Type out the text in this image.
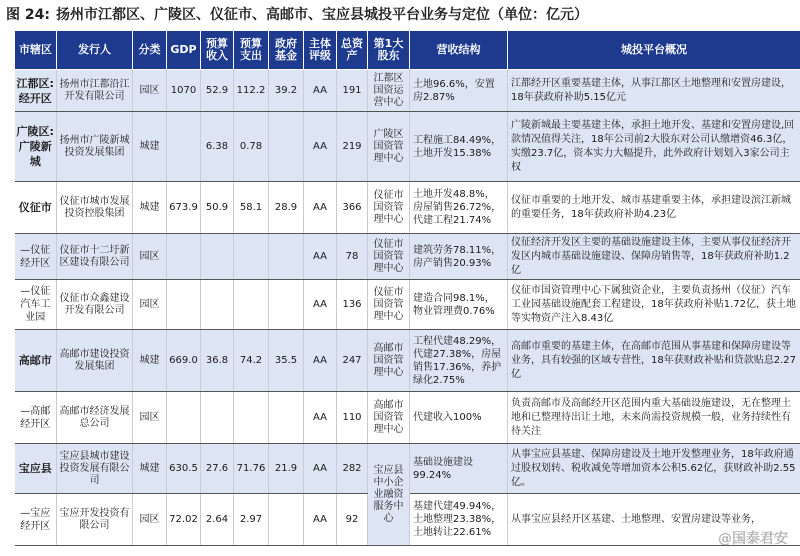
图 24: 扬州市江都区、广陵区、仪征市、高邮市、宝应县城投平台业务与定位（单位：亿元）
市辖区	发行人	分类	GDP	预算收入	预算支出	政府基金	主体评级	总资产	第1大股东	营收结构	城投平台概况
江都区:经开区	扬州市江都沿江开发有限公司	园区	1070	52.9	112.2	39.2	AA	191	江都区国资运营中心	土地96.6%，安置房2.87%	江都经开区重要基建主体，从事江都区土地整理和安置房建设，18年获政府补助5.15亿元
广陵区:广陵新城	扬州市广陵新城投资发展集团	城建		6.38	0.78		AA	219	广陵区国资管理中心	工程施工84.49%，土地开发15.38%	广陵新城最主要基建主体，承担土地开发、基建和安置房建设,回款情况值得关注，18年公司前2大股东对公司认缴增资46.3亿，实缴23.7亿，资本实力大幅提升，此外政府计划划入3家公司主权
仪征市	仪征市城市发展投资控股集团	城建	673.9	50.9	58.1	28.9	AA	366	仪征市国资管理中心	土地开发48.8%，房屋销售26.72%，代建工程21.74%	仪征市重要的土地开发、城市基建重要主体，承担建设滨江新城的重要任务，18年获政府补助4.23亿
—仪征经开区	仪征市十二圩新区建设有限公司	园区					AA	78	仪征市国资管理中心	建筑劳务78.11%，房产销售20.93%	仪征经济开发区主要的基础设施建设主体，主要从事仪征经济开发区内城市基础设施建设、保障房销售等，18年获政府补助1.2亿
—仪征汽车工业园	仪征市众鑫建设开发有限公司	园区					AA	136	仪征市国资管理中心	建造合同98.1%，物业管理费0.76%	仪征市国资管理中心下属独资企业，主要负责扬州（仪征）汽车工业园基础设施配套工程建设，18年获政府补贴1.72亿，获土地等实物资产注入8.43亿
高邮市	高邮市建设投资发展集团	城建	669.0	36.8	74.2	35.5	AA	247	高邮市国资管理中心	工程代建48.29%，代建27.38%，房屋销售17.36%，养护绿化2.75%	高邮市重要的基建主体，在高邮市范围从事基建和保障房建设等业务，具有较强的区域专营性，18年获财政补贴和贷款贴息2.27亿
—高邮经开区	高邮市经济发展总公司	园区					AA	110	高邮市国资管理中心	代建收入100%	负责高邮市及高邮经开区范围内重大基础设施建设，无在整理土地和已整理待出让土地，未来尚需投资规模一般，业务持续性有待关注
宝应县	宝应县城市建设投资发展有限公司	城建	630.5	27.6	71.76	21.9	AA	282	宝应县中小企业融资服务中心	基础设施建设99.24%	从事宝应县基建、保障房建设及土地开发整理业务，18年政府通过股权划转、税收减免等增加资本公积5.62亿，获财政补助2.55亿。
—宝应经开区	宝应开发投资有限公司	园区	72.02	2.64	2.97		AA	92		基建代建49.94%，土地整理23.38%，土地转让22.61%	从事宝应县经开区基建、土地整理、安置房建设等业务，
@国泰君安
